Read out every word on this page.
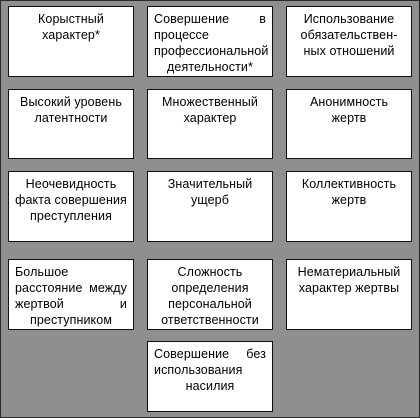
Корыстный характер*
Совершение в процессе профессиональной деятельности*
Использование обязательствен-ных отношений
Высокий уровень латентности
Множественный характер
Анонимность жертв
Неочевидность факта совершения преступления
Значительный ущерб
Коллективность жертв
Большое расстояние между жертвой и преступником
Сложность определения персональной ответственности
Нематериальный характер жертвы
Совершение без использования насилия
